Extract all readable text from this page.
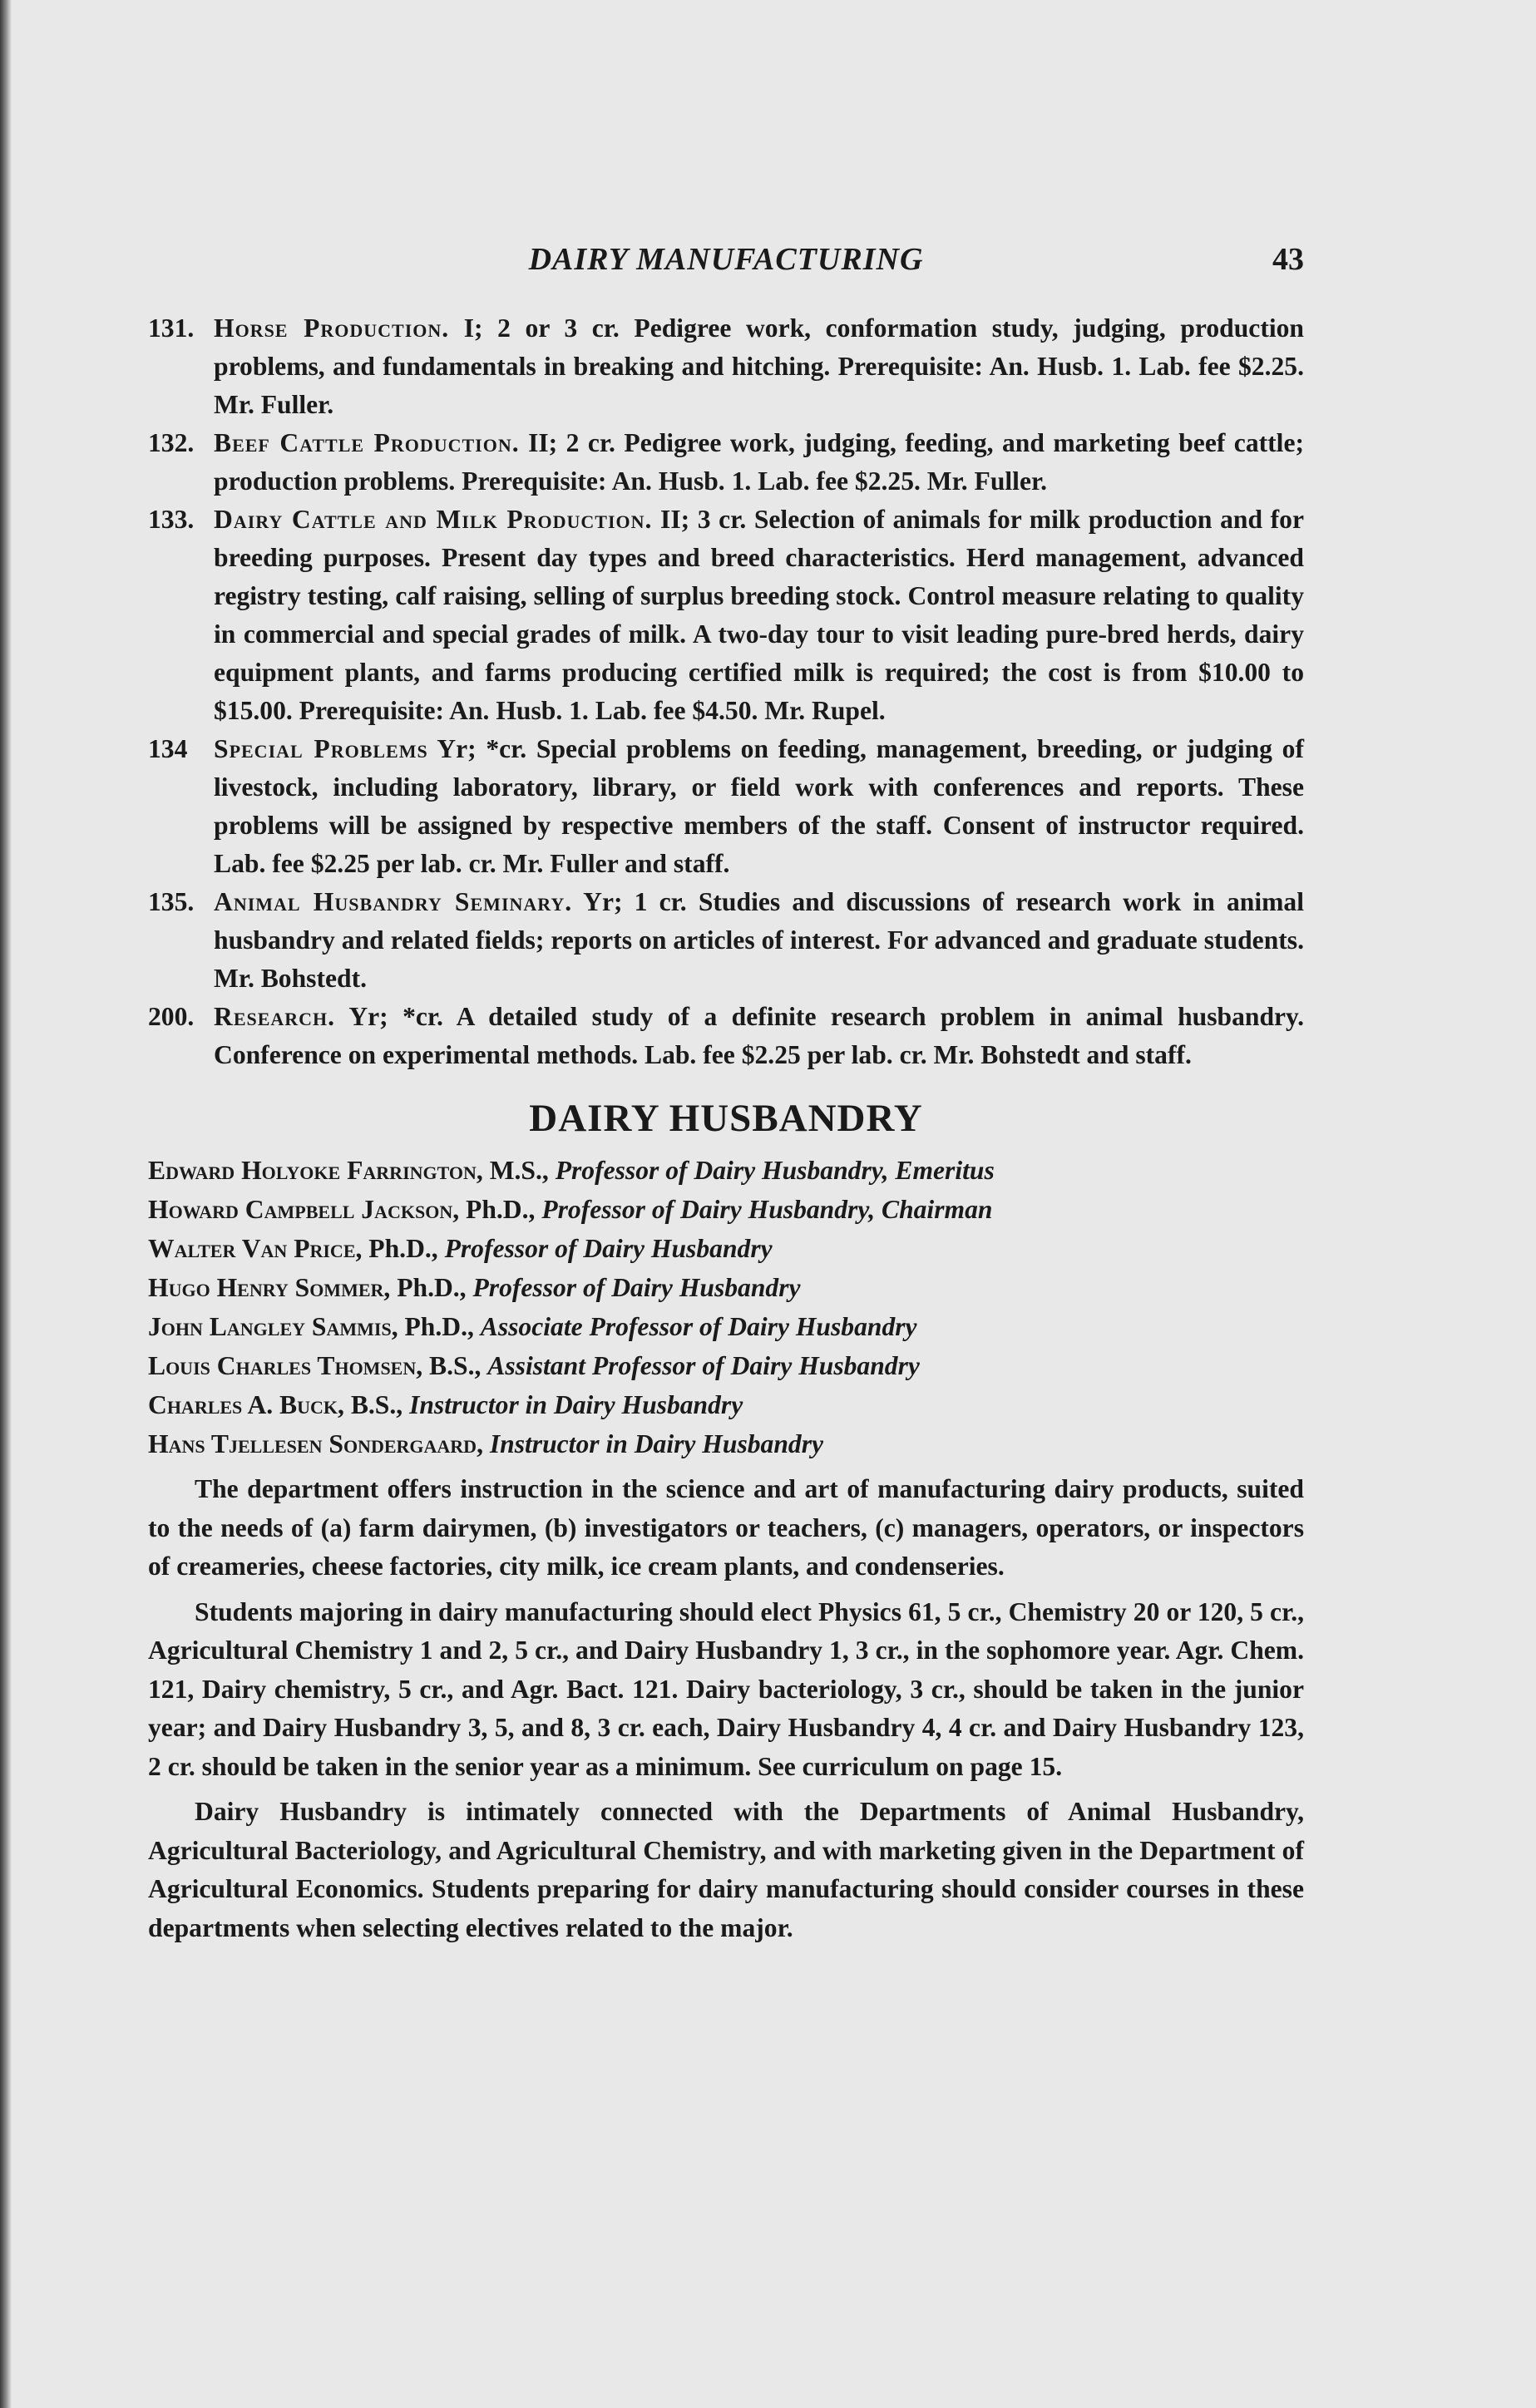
DAIRY MANUFACTURING	43

131. Horse Production. I; 2 or 3 cr. Pedigree work, conformation study, judging, production problems, and fundamentals in breaking and hitching. Prerequisite: An. Husb. 1. Lab. fee $2.25. Mr. Fuller.

132. Beef Cattle Production. II; 2 cr. Pedigree work, judging, feeding, and marketing beef cattle; production problems. Prerequisite: An. Husb. 1. Lab. fee $2.25. Mr. Fuller.

133. Dairy Cattle and Milk Production. II; 3 cr. Selection of animals for milk production and for breeding purposes. Present day types and breed characteristics. Herd management, advanced registry testing, calf raising, selling of surplus breeding stock. Control measure relating to quality in commercial and special grades of milk. A two-day tour to visit leading pure-bred herds, dairy equipment plants, and farms producing certified milk is required; the cost is from $10.00 to $15.00. Prerequisite: An. Husb. 1. Lab. fee $4.50. Mr. Rupel.

134	Special Problems Yr; *cr. Special problems on feeding, management, breeding, or judging of livestock, including laboratory, library, or field work with conferences and reports. These problems will be assigned by respective members of the staff. Consent of instructor required. Lab. fee $2.25 per lab. cr. Mr. Fuller and staff.

135. Animal Husbandry Seminary. Yr; 1 cr. Studies and discussions of research work in animal husbandry and related fields; reports on articles of interest. For advanced and graduate students. Mr. Bohstedt.

200. Research. Yr; *cr. A detailed study of a definite research problem in animal husbandry. Conference on experimental methods. Lab. fee $2.25 per lab. cr. Mr. Bohstedt and staff.

DAIRY HUSBANDRY

Edward Holyoke Farrington, M.S., Professor of Dairy Husbandry, Emeritus

Howard Campbell Jackson, Ph.D., Professor of Dairy Husbandry, Chairman

Walter Van Price, Ph.D., Professor of Dairy Husbandry

Hugo Henry Sommer, Ph.D., Professor of Dairy Husbandry

John Langley Sammis, Ph.D., Associate Professor of Dairy Husbandry

Louis Charles Thomsen, B.S., Assistant Professor of Dairy Husbandry

Charles A. Buck, B.S., Instructor in Dairy Husbandry

Hans Tjellesen Sondergaard, Instructor in Dairy Husbandry

The department offers instruction in the science and art of manufacturing dairy products, suited to the needs of (a) farm dairymen, (b) investigators or teachers, (c) managers, operators, or inspectors of creameries, cheese factories, city milk, ice cream plants, and condenseries.

Students majoring in dairy manufacturing should elect Physics 61, 5 cr., Chemistry 20 or 120, 5 cr., Agricultural Chemistry 1 and 2, 5 cr., and Dairy Husbandry 1, 3 cr., in the sophomore year. Agr. Chem. 121, Dairy chemistry, 5 cr., and Agr. Bact. 121. Dairy bacteriology, 3 cr., should be taken in the junior year; and Dairy Husbandry 3, 5, and 8, 3 cr. each, Dairy Husbandry 4, 4 cr. and Dairy Husbandry 123, 2 cr. should be taken in the senior year as a minimum. See curriculum on page 15.

Dairy Husbandry is intimately connected with the Departments of Animal Husbandry, Agricultural Bacteriology, and Agricultural Chemistry, and with marketing given in the Department of Agricultural Economics. Students preparing for dairy manufacturing should consider courses in these departments when selecting electives related to the major.
